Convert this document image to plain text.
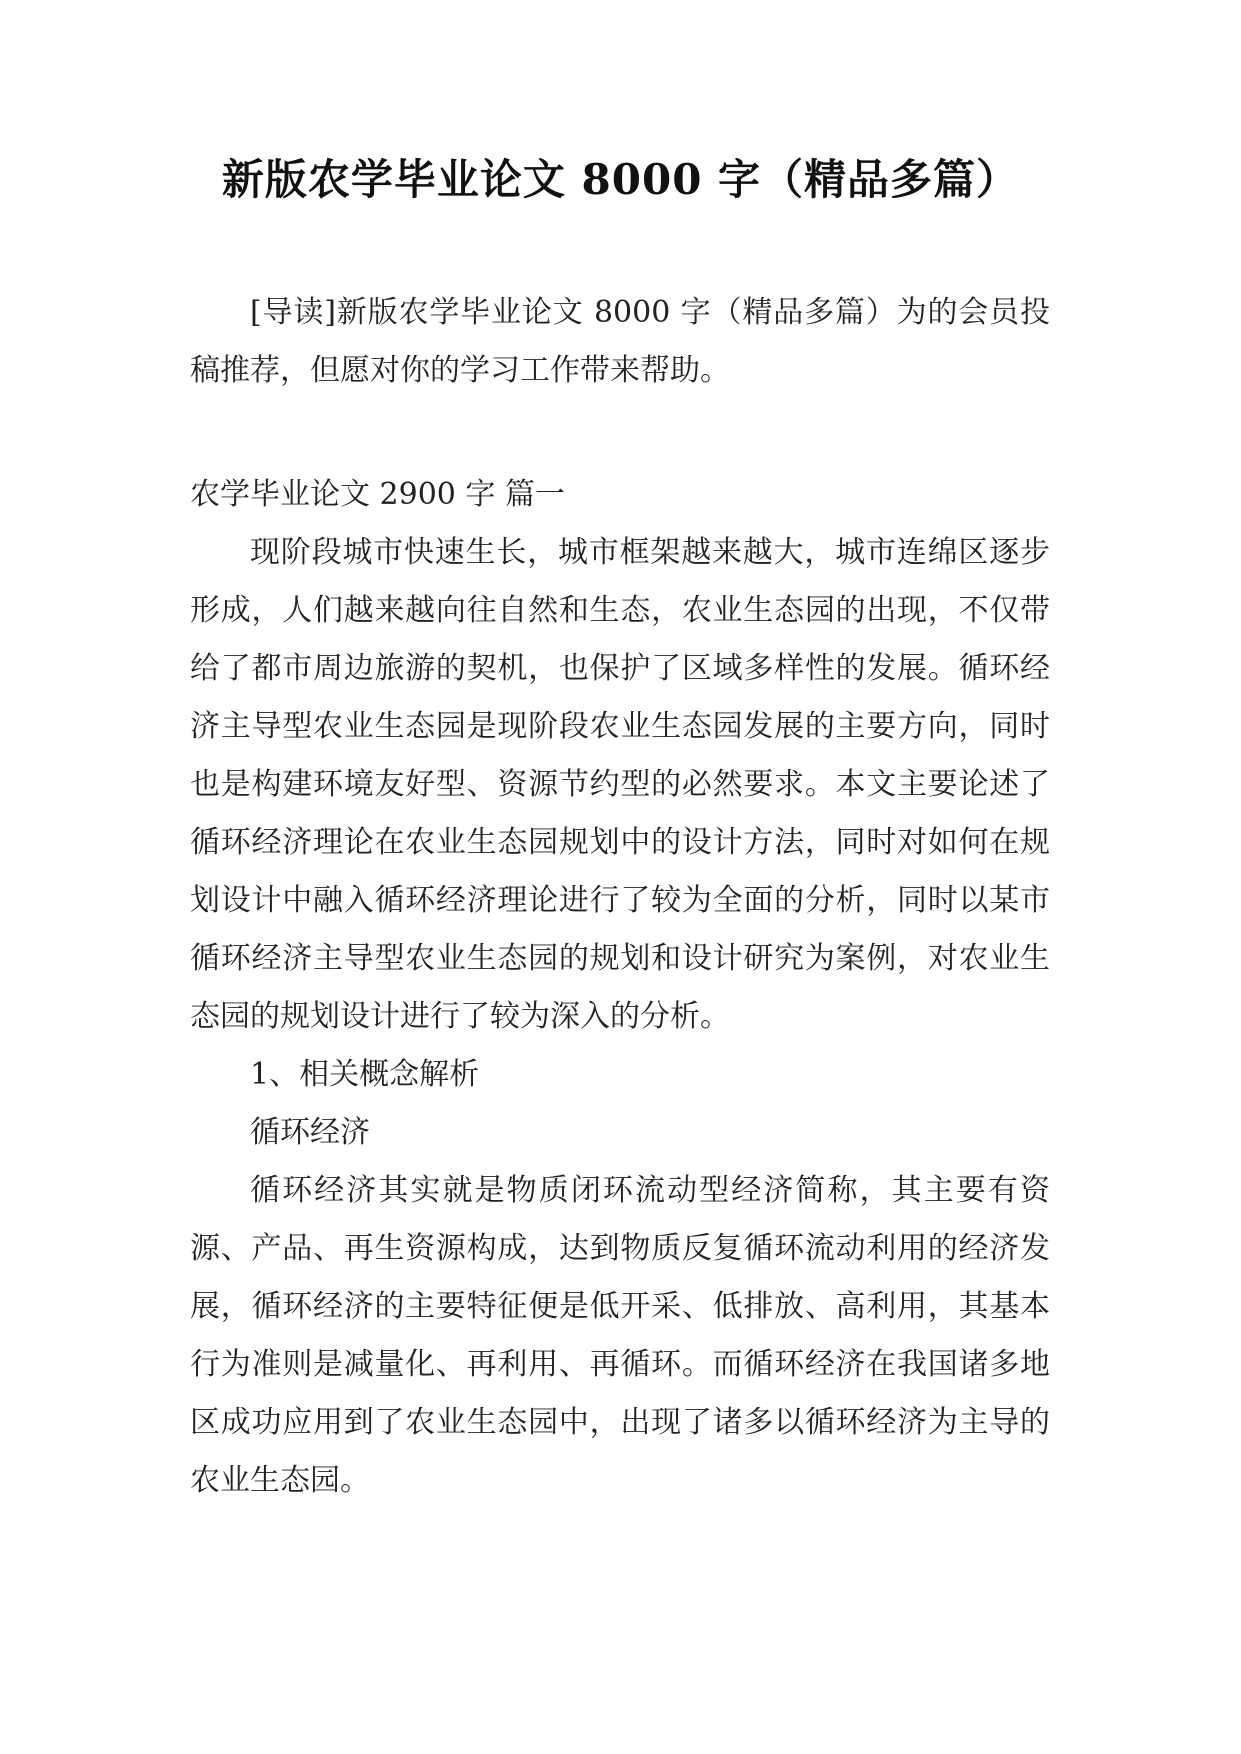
新版农学毕业论文 8000 字（精品多篇）

[导读]新版农学毕业论文 8000 字（精品多篇）为的会员投稿推荐，但愿对你的学习工作带来帮助。

农学毕业论文 2900 字 篇一

现阶段城市快速生长，城市框架越来越大，城市连绵区逐步形成，人们越来越向往自然和生态，农业生态园的出现，不仅带给了都市周边旅游的契机，也保护了区域多样性的发展。循环经济主导型农业生态园是现阶段农业生态园发展的主要方向，同时也是构建环境友好型、资源节约型的必然要求。本文主要论述了循环经济理论在农业生态园规划中的设计方法，同时对如何在规划设计中融入循环经济理论进行了较为全面的分析，同时以某市循环经济主导型农业生态园的规划和设计研究为案例，对农业生态园的规划设计进行了较为深入的分析。

1、相关概念解析

循环经济

循环经济其实就是物质闭环流动型经济简称，其主要有资源、产品、再生资源构成，达到物质反复循环流动利用的经济发展，循环经济的主要特征便是低开采、低排放、高利用，其基本行为准则是减量化、再利用、再循环。而循环经济在我国诸多地区成功应用到了农业生态园中，出现了诸多以循环经济为主导的农业生态园。
